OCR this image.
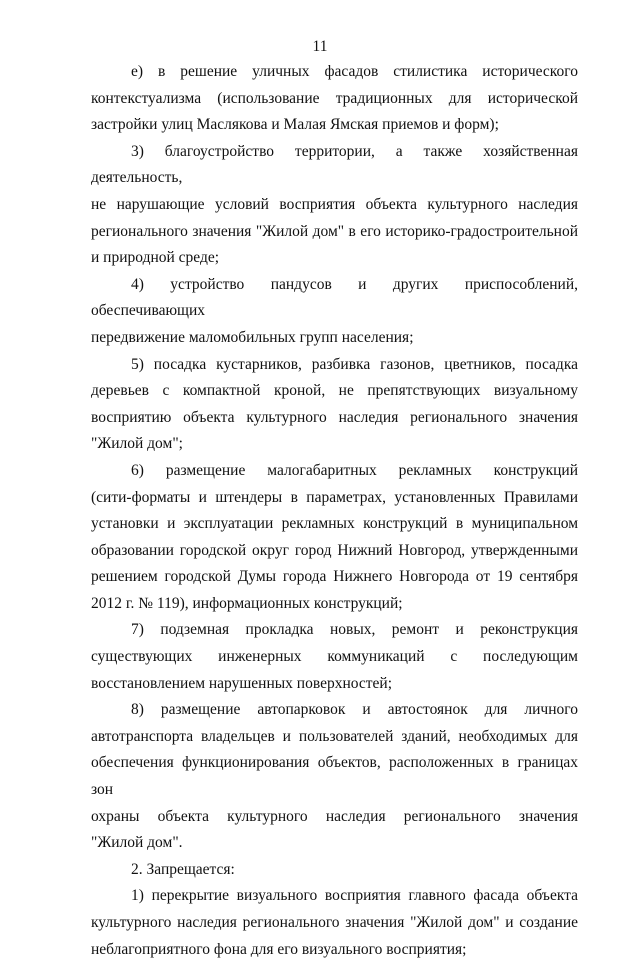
11

е) в решение уличных фасадов стилистика исторического
контекстуализма (использование традиционных для исторической
застройки улиц Маслякова и Малая Ямская приемов и форм);

3) благоустройство территории, а также хозяйственная деятельность,
не нарушающие условий восприятия объекта культурного наследия
регионального значения "Жилой дом" в его историко-градостроительной
и природной среде;

4) устройство пандусов и других приспособлений, обеспечивающих
передвижение маломобильных групп населения;

5) посадка кустарников, разбивка газонов, цветников, посадка
деревьев с компактной кроной, не препятствующих визуальному
восприятию объекта культурного наследия регионального значения
"Жилой дом";

6) размещение малогабаритных рекламных конструкций
(сити-форматы и штендеры в параметрах, установленных Правилами
установки и эксплуатации рекламных конструкций в муниципальном
образовании городской округ город Нижний Новгород, утвержденными
решением городской Думы города Нижнего Новгорода от 19 сентября
2012 г. № 119), информационных конструкций;

7) подземная прокладка новых, ремонт и реконструкция
существующих инженерных коммуникаций с последующим
восстановлением нарушенных поверхностей;

8) размещение автопарковок и автостоянок для личного
автотранспорта владельцев и пользователей зданий, необходимых для
обеспечения функционирования объектов, расположенных в границах зон
охраны объекта культурного наследия регионального значения
"Жилой дом".

2. Запрещается:

1) перекрытие визуального восприятия главного фасада объекта
культурного наследия регионального значения "Жилой дом" и создание
неблагоприятного фона для его визуального восприятия;
